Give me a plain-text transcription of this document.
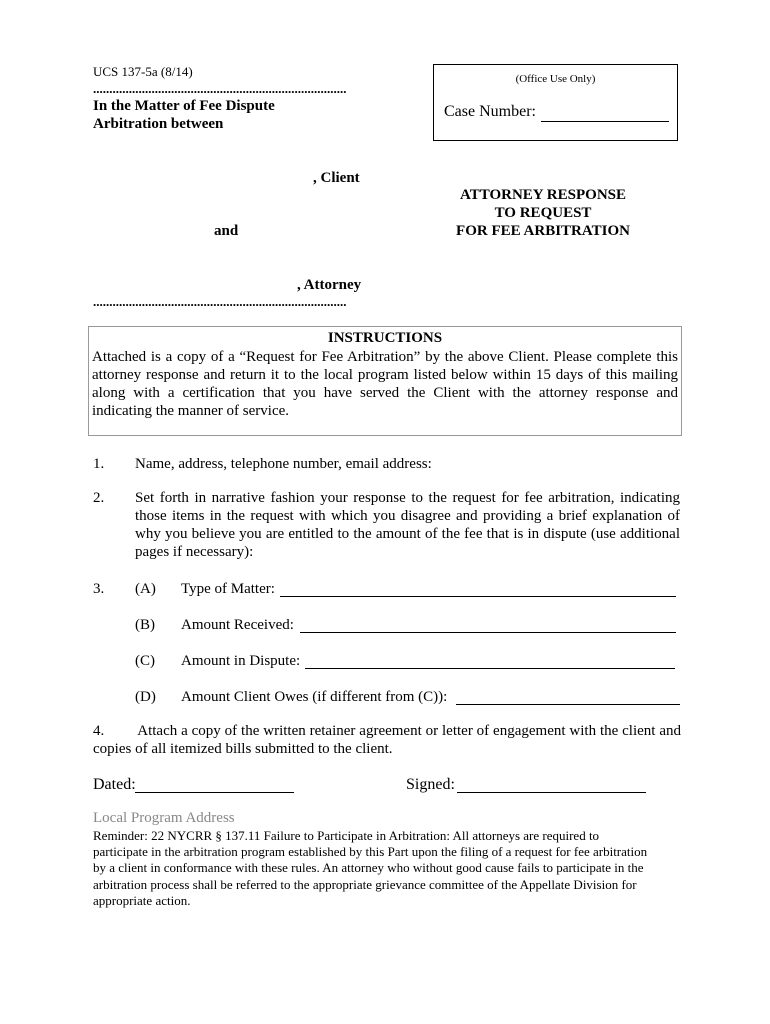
UCS 137-5a (8/14)
..............................................................................
In the Matter of Fee Dispute
Arbitration between
(Office Use Only)
Case Number:
, Client
and
, Attorney
..............................................................................
ATTORNEY RESPONSE
TO REQUEST
FOR FEE ARBITRATION
INSTRUCTIONS
Attached is a copy of a “Request for Fee Arbitration” by the above Client. Please complete this attorney response and return it to the local program listed below within 15 days of this mailing along with a certification that you have served the Client with the attorney response and indicating the manner of service.
1. Name, address, telephone number, email address:
2. Set forth in narrative fashion your response to the request for fee arbitration, indicating those items in the request with which you disagree and providing a brief explanation of why you believe you are entitled to the amount of the fee that is in dispute (use additional pages if necessary):
3. (A) Type of Matter:
(B) Amount Received:
(C) Amount in Dispute:
(D) Amount Client Owes (if different from (C)):
4. Attach a copy of the written retainer agreement or letter of engagement with the client and copies of all itemized bills submitted to the client.
Dated:	Signed:
Local Program Address
Reminder: 22 NYCRR § 137.11 Failure to Participate in Arbitration: All attorneys are required to participate in the arbitration program established by this Part upon the filing of a request for fee arbitration by a client in conformance with these rules. An attorney who without good cause fails to participate in the arbitration process shall be referred to the appropriate grievance committee of the Appellate Division for appropriate action.
